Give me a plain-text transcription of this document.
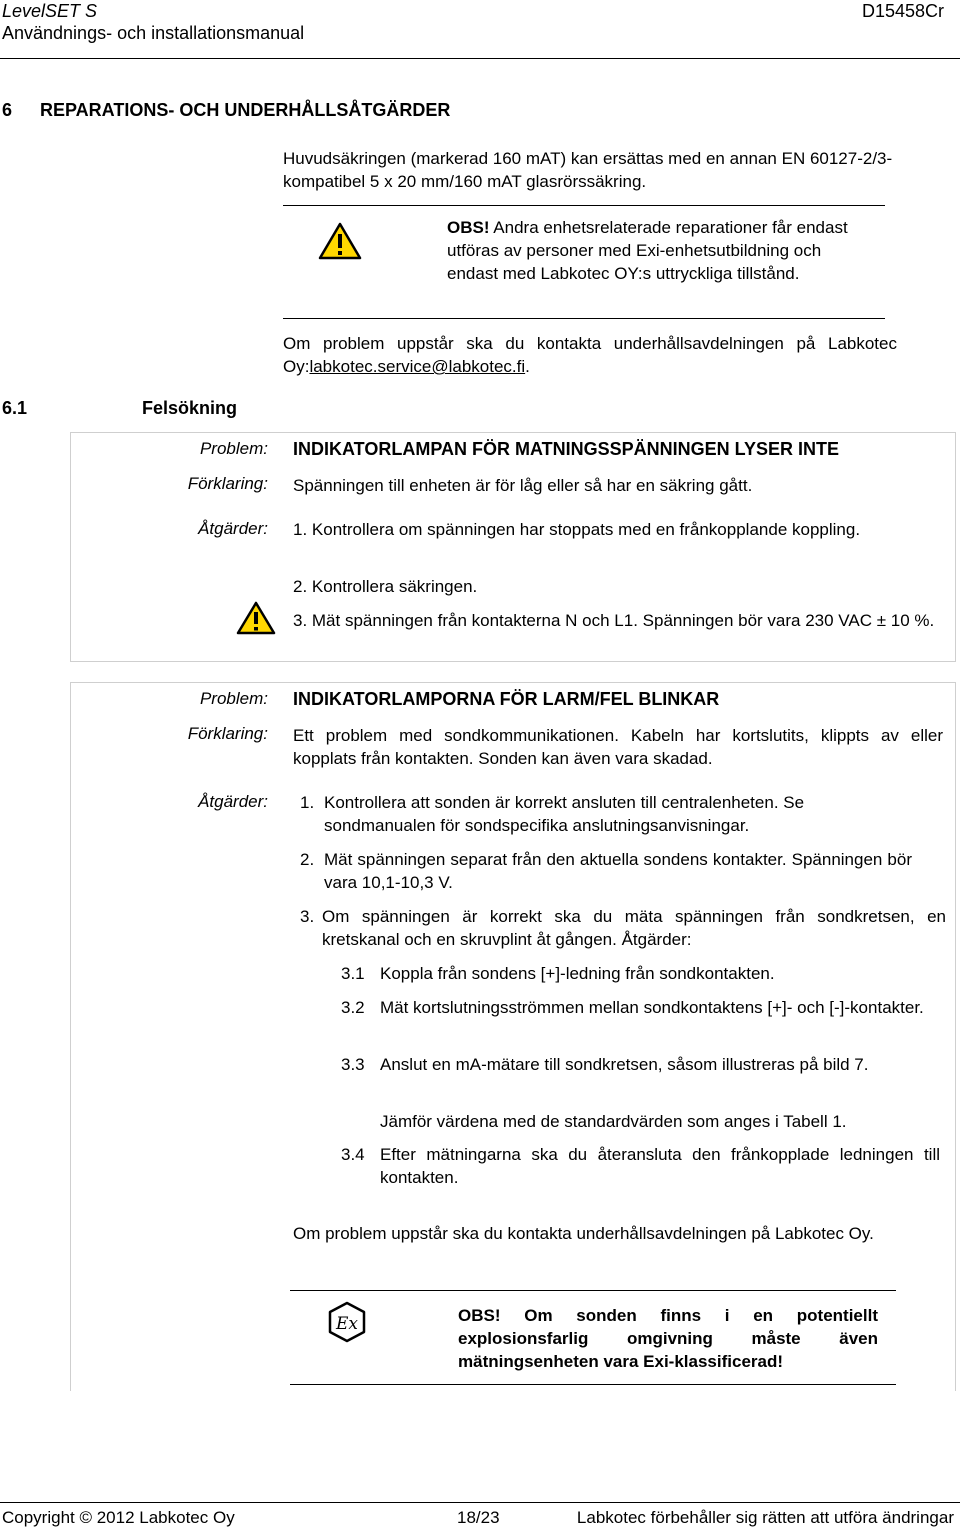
LevelSET S	D15458Cr
Användnings- och installationsmanual
6 REPARATIONS- OCH UNDERHÅLLSÅTGÄRDER
Huvudsäkringen (markerad 160 mAT) kan ersättas med en annan EN 60127-2/3-kompatibel 5 x 20 mm/160 mAT glasrörssäkring.
OBS! Andra enhetsrelaterade reparationer får endast utföras av personer med Exi-enhetsutbildning och endast med Labkotec OY:s uttryckliga tillstånd.
Om problem uppstår ska du kontakta underhållsavdelningen på Labkotec Oy:labkotec.service@labkotec.fi.
6.1	Felsökning
Problem: INDIKATORLAMPAN FÖR MATNINGSSPÄNNINGEN LYSER INTE
Förklaring: Spänningen till enheten är för låg eller så har en säkring gått.
Åtgärder: 1. Kontrollera om spänningen har stoppats med en frånkopplande koppling.
2. Kontrollera säkringen.
3. Mät spänningen från kontakterna N och L1. Spänningen bör vara 230 VAC ± 10 %.
Problem: INDIKATORLAMPORNA FÖR LARM/FEL BLINKAR
Förklaring: Ett problem med sondkommunikationen. Kabeln har kortslutits, klippts av eller kopplats från kontakten. Sonden kan även vara skadad.
Åtgärder: 1. Kontrollera att sonden är korrekt ansluten till centralenheten. Se sondmanualen för sondspecifika anslutningsanvisningar.
2. Mät spänningen separat från den aktuella sondens kontakter. Spänningen bör vara 10,1-10,3 V.
3. Om spänningen är korrekt ska du mäta spänningen från sondkretsen, en kretskanal och en skruvplint åt gången. Åtgärder:
3.1 Koppla från sondens [+]-ledning från sondkontakten.
3.2 Mät kortslutningsströmmen mellan sondkontaktens [+]- och [-]-kontakter.
3.3 Anslut en mA-mätare till sondkretsen, såsom illustreras på bild 7.
Jämför värdena med de standardvärden som anges i Tabell 1.
3.4 Efter mätningarna ska du återansluta den frånkopplade ledningen till kontakten.
Om problem uppstår ska du kontakta underhållsavdelningen på Labkotec Oy.
Ex	OBS! Om sonden finns i en potentiellt explosionsfarlig omgivning måste även mätningsenheten vara Exi-klassificerad!
Copyright © 2012 Labkotec Oy	18/23	Labkotec förbehåller sig rätten att utföra ändringar
